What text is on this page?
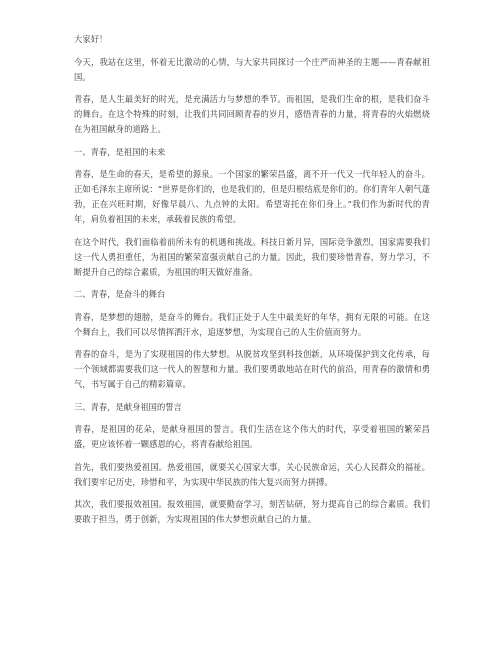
大家好！
今天，我站在这里，怀着无比激动的心情，与大家共同探讨一个庄严而神圣的主题——青春献祖国。
青春，是人生最美好的时光，是充满活力与梦想的季节。而祖国，是我们生命的根，是我们奋斗的舞台。在这个特殊的时刻，让我们共同回顾青春的岁月，感悟青春的力量，将青春的火焰燃烧在为祖国献身的道路上。
一、青春，是祖国的未来
青春，是生命的春天，是希望的源泉。一个国家的繁荣昌盛，离不开一代又一代年轻人的奋斗。正如毛泽东主席所说：“世界是你们的，也是我们的，但是归根结底是你们的。你们青年人朝气蓬勃，正在兴旺时期，好像早晨八、九点钟的太阳。希望寄托在你们身上。”我们作为新时代的青年，肩负着祖国的未来，承载着民族的希望。
在这个时代，我们面临着前所未有的机遇和挑战。科技日新月异，国际竞争激烈，国家需要我们这一代人勇担重任，为祖国的繁荣富强贡献自己的力量。因此，我们要珍惜青春，努力学习，不断提升自己的综合素质，为祖国的明天做好准备。
二、青春，是奋斗的舞台
青春，是梦想的翅膀，是奋斗的舞台。我们正处于人生中最美好的年华，拥有无限的可能。在这个舞台上，我们可以尽情挥洒汗水，追逐梦想，为实现自己的人生价值而努力。
青春的奋斗，是为了实现祖国的伟大梦想。从脱贫攻坚到科技创新，从环境保护到文化传承，每一个领域都需要我们这一代人的智慧和力量。我们要勇敢地站在时代的前沿，用青春的激情和勇气，书写属于自己的精彩篇章。
三、青春，是献身祖国的誓言
青春，是祖国的花朵，是献身祖国的誓言。我们生活在这个伟大的时代，享受着祖国的繁荣昌盛，更应该怀着一颗感恩的心，将青春献给祖国。
首先，我们要热爱祖国。热爱祖国，就要关心国家大事，关心民族命运，关心人民群众的福祉。我们要牢记历史，珍惜和平，为实现中华民族的伟大复兴而努力拼搏。
其次，我们要报效祖国。报效祖国，就要勤奋学习，刻苦钻研，努力提高自己的综合素质。我们要敢于担当，勇于创新，为实现祖国的伟大梦想贡献自己的力量。
